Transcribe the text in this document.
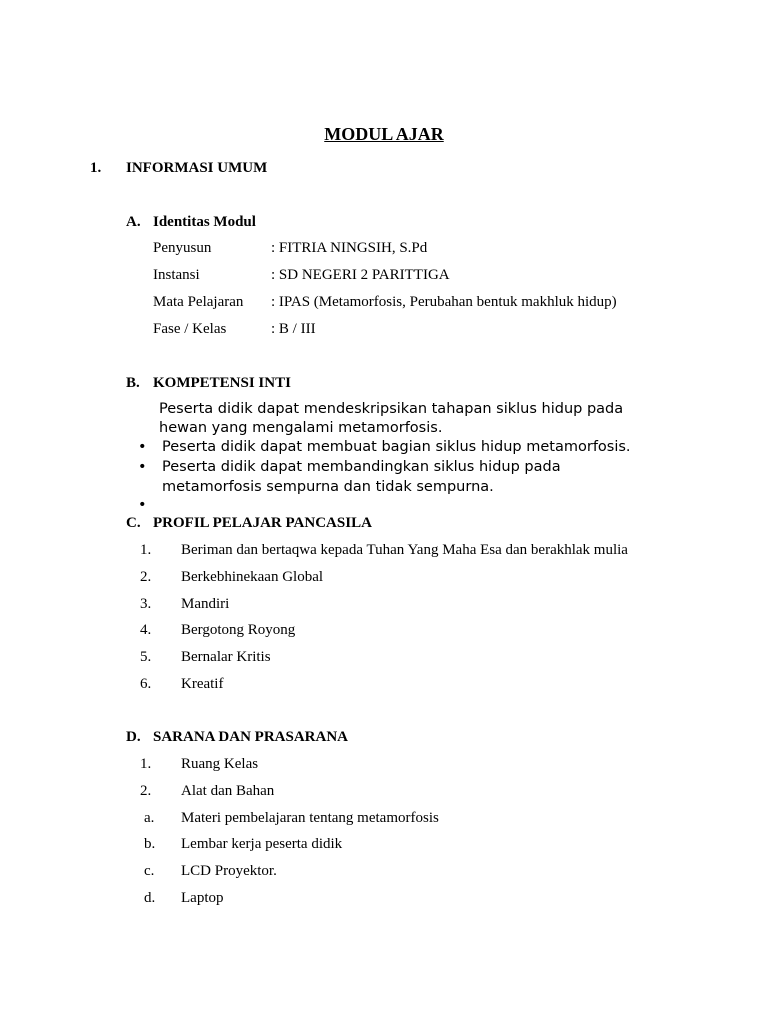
MODUL AJAR
1. INFORMASI UMUM
A. Identitas Modul
Penyusun	: FITRIA NINGSIH, S.Pd
Instansi	: SD NEGERI 2 PARITTIGA
Mata Pelajaran : IPAS (Metamorfosis, Perubahan bentuk makhluk hidup)
Fase / Kelas	: B / III
B. KOMPETENSI INTI
Peserta didik dapat mendeskripsikan tahapan siklus hidup pada
hewan yang mengalami metamorfosis.
• Peserta didik dapat membuat bagian siklus hidup metamorfosis.
• Peserta didik dapat membandingkan siklus hidup pada
metamorfosis sempurna dan tidak sempurna.
•
C. PROFIL PELAJAR PANCASILA
1. Beriman dan bertaqwa kepada Tuhan Yang Maha Esa dan berakhlak mulia
2. Berkebhinekaan Global
3. Mandiri
4. Bergotong Royong
5. Bernalar Kritis
6. Kreatif
D. SARANA DAN PRASARANA
1. Ruang Kelas
2. Alat dan Bahan
a. Materi pembelajaran tentang metamorfosis
b. Lembar kerja peserta didik
c. LCD Proyektor.
d. Laptop
